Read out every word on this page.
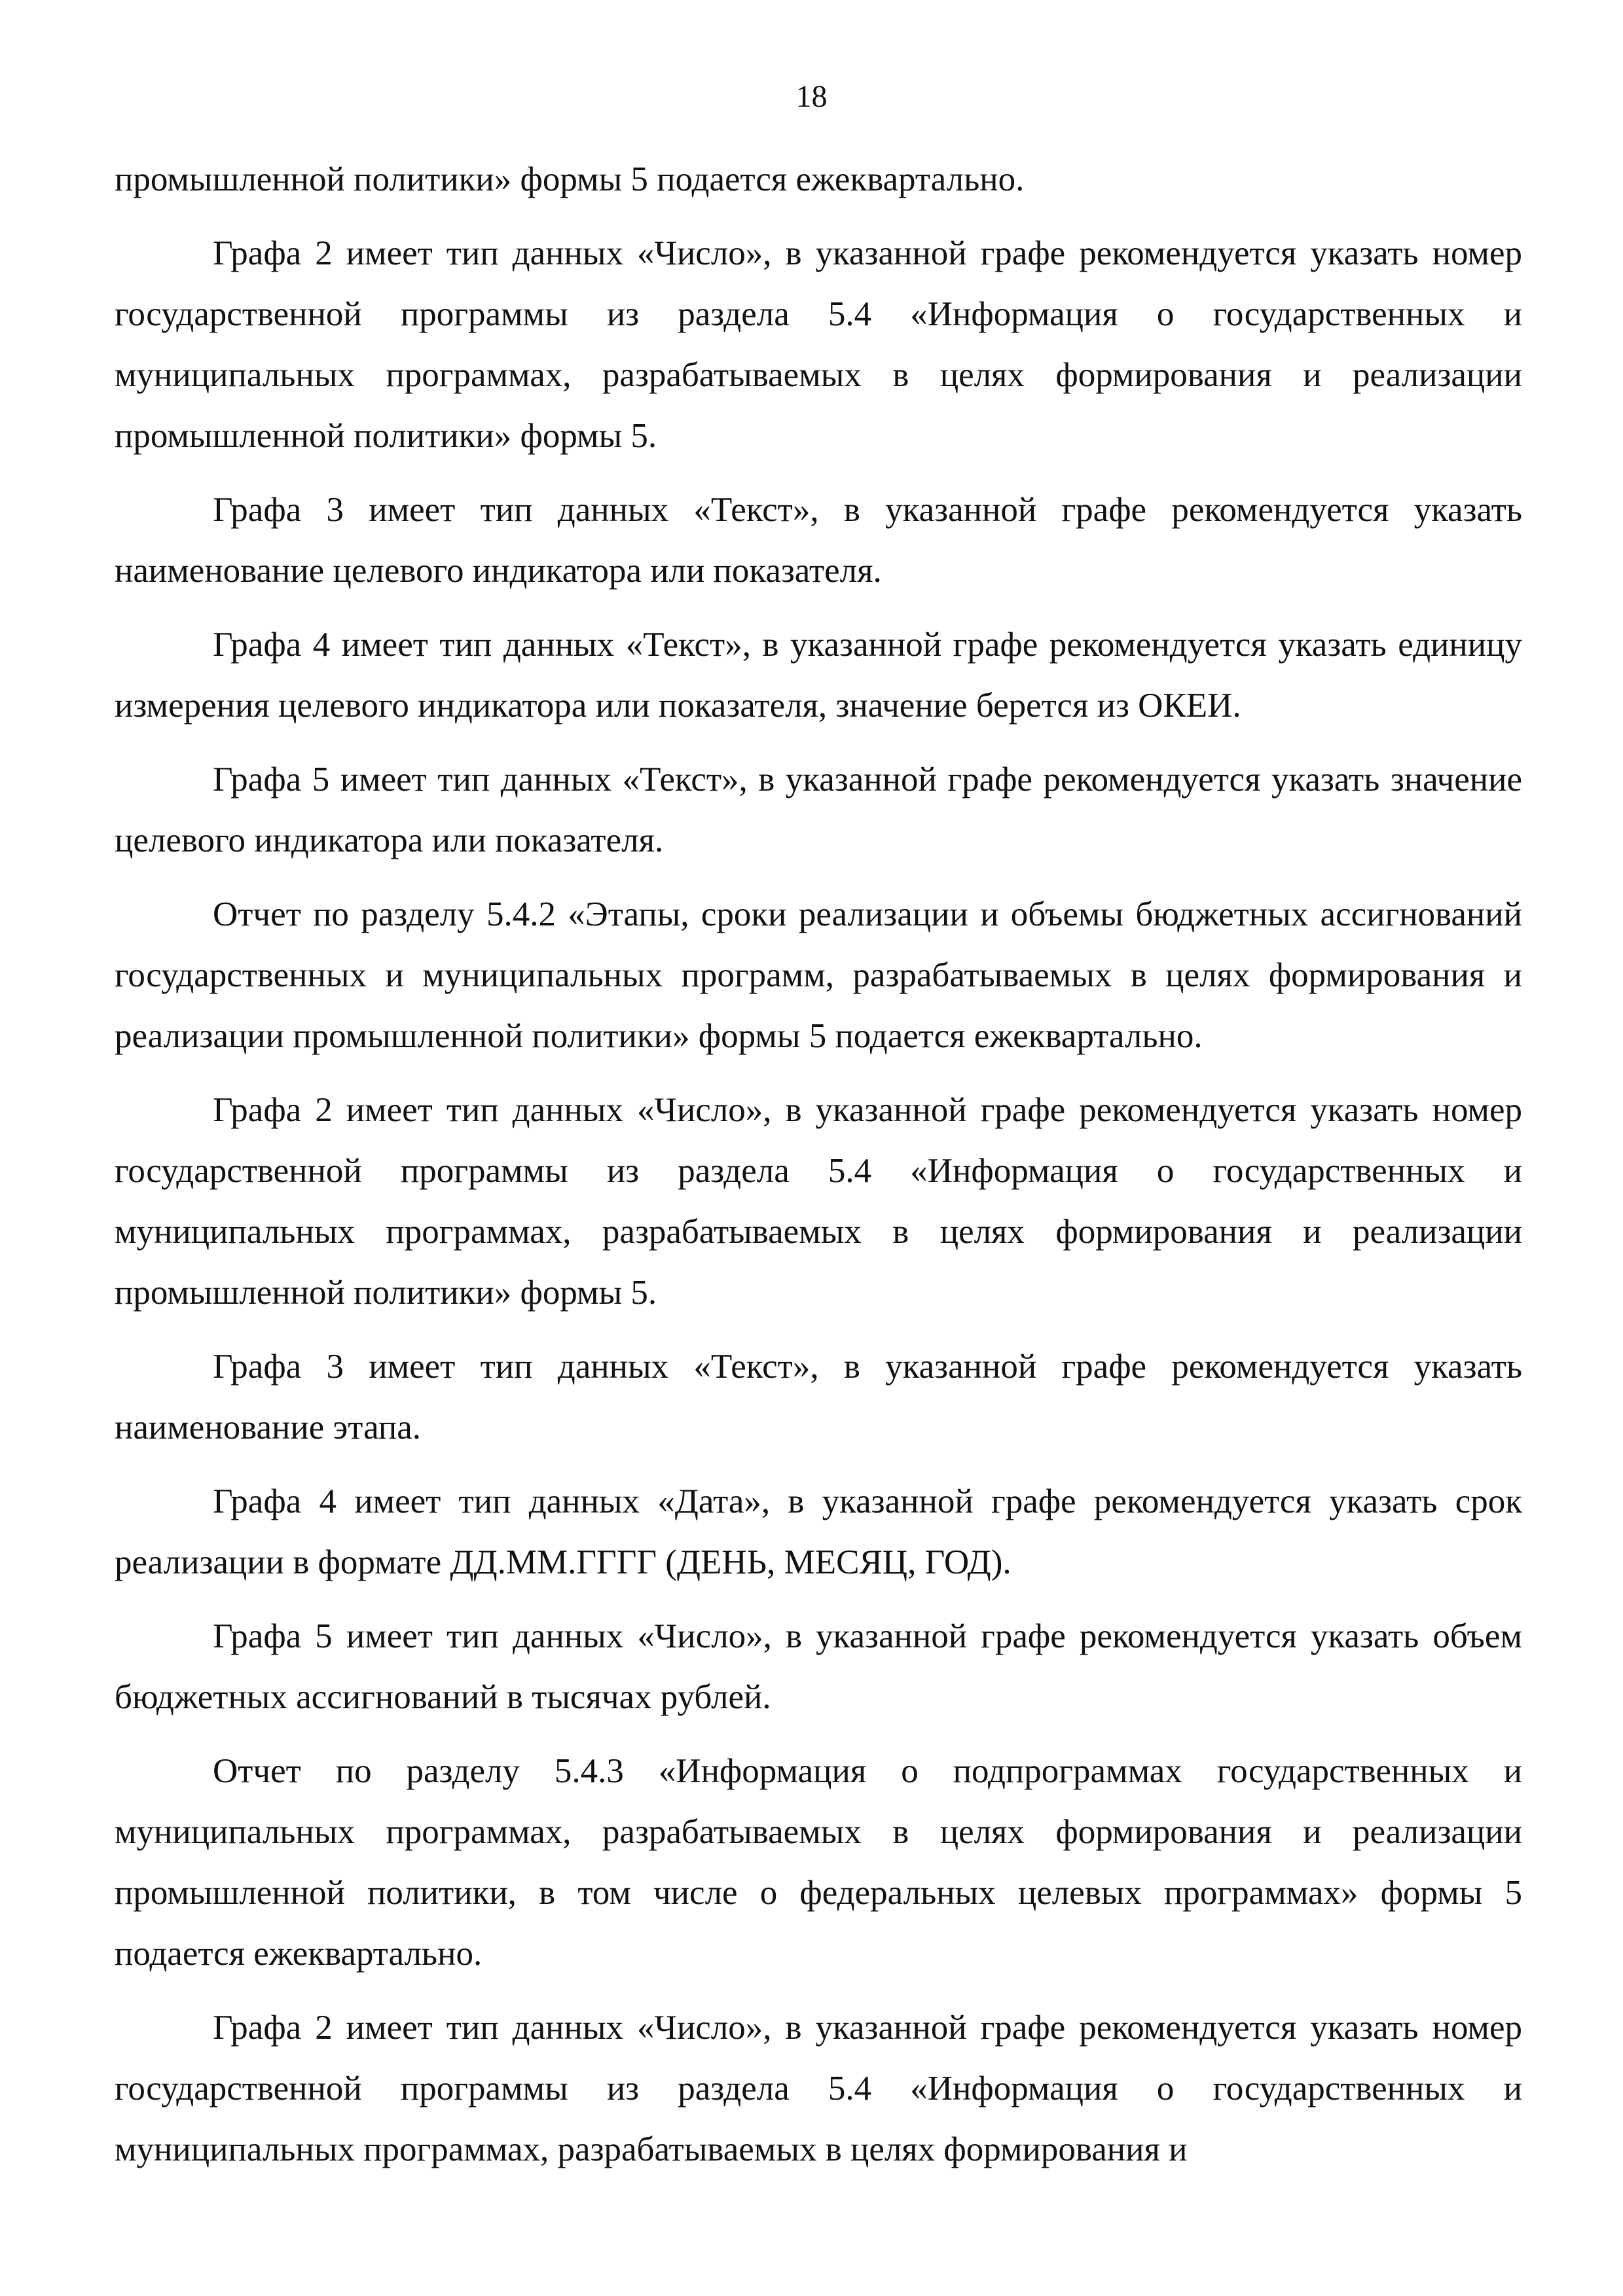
18

промышленной политики» формы 5 подается ежеквартально.

Графа 2 имеет тип данных «Число», в указанной графе рекомендуется указать номер государственной программы из раздела 5.4 «Информация о государственных и муниципальных программах, разрабатываемых в целях формирования и реализации промышленной политики» формы 5.

Графа 3 имеет тип данных «Текст», в указанной графе рекомендуется указать наименование целевого индикатора или показателя.

Графа 4 имеет тип данных «Текст», в указанной графе рекомендуется указать единицу измерения целевого индикатора или показателя, значение берется из ОКЕИ.

Графа 5 имеет тип данных «Текст», в указанной графе рекомендуется указать значение целевого индикатора или показателя.

Отчет по разделу 5.4.2 «Этапы, сроки реализации и объемы бюджетных ассигнований государственных и муниципальных программ, разрабатываемых в целях формирования и реализации промышленной политики» формы 5 подается ежеквартально.

Графа 2 имеет тип данных «Число», в указанной графе рекомендуется указать номер государственной программы из раздела 5.4 «Информация о государственных и муниципальных программах, разрабатываемых в целях формирования и реализации промышленной политики» формы 5.

Графа 3 имеет тип данных «Текст», в указанной графе рекомендуется указать наименование этапа.

Графа 4 имеет тип данных «Дата», в указанной графе рекомендуется указать срок реализации в формате ДД.ММ.ГГГГ (ДЕНЬ, МЕСЯЦ, ГОД).

Графа 5 имеет тип данных «Число», в указанной графе рекомендуется указать объем бюджетных ассигнований в тысячах рублей.

Отчет по разделу 5.4.3 «Информация о подпрограммах государственных и муниципальных программах, разрабатываемых в целях формирования и реализации промышленной политики, в том числе о федеральных целевых программах» формы 5 подается ежеквартально.

Графа 2 имеет тип данных «Число», в указанной графе рекомендуется указать номер государственной программы из раздела 5.4 «Информация о государственных и муниципальных программах, разрабатываемых в целях формирования и
